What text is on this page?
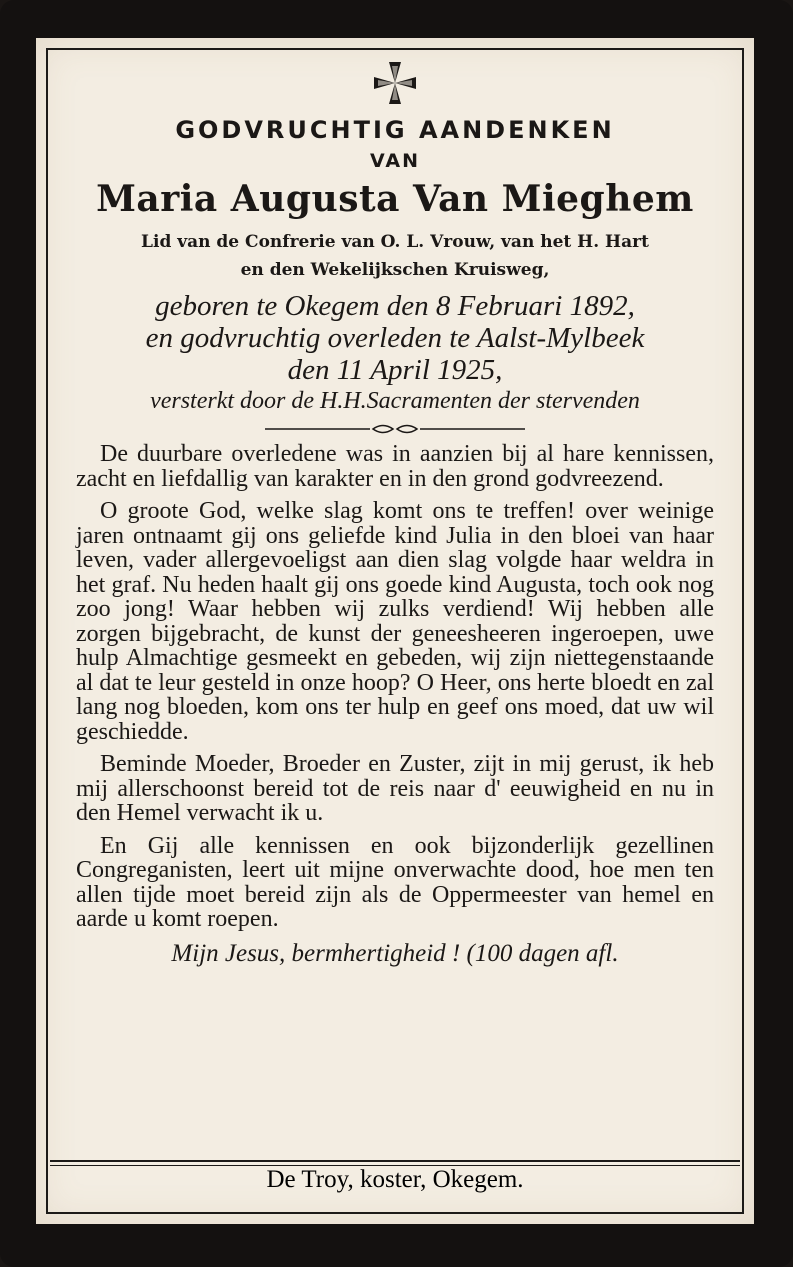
GODVRUCHTIG AANDENKEN
VAN
Maria Augusta Van Mieghem
Lid van de Confrerie van O. L. Vrouw, van het H. Hart
en den Wekelijkschen Kruisweg,
geboren te Okegem den 8 Februari 1892,
en godvruchtig overleden te Aalst-Mylbeek
den 11 April 1925,
versterkt door de H.H.Sacramenten der stervenden

De duurbare overledene was in aanzien bij al hare kennissen, zacht en liefdallig van karakter en in den grond godvreezend.

O groote God, welke slag komt ons te treffen! over weinige jaren ontnaamt gij ons geliefde kind Julia in den bloei van haar leven, vader allergevoeligst aan dien slag volgde haar weldra in het graf. Nu heden haalt gij ons goede kind Augusta, toch ook nog zoo jong! Waar hebben wij zulks verdiend! Wij hebben alle zorgen bijgebracht, de kunst der geneesheeren ingeroepen, uwe hulp Almachtige gesmeekt en gebeden, wij zijn niettegenstaande al dat te leur gesteld in onze hoop? O Heer, ons herte bloedt en zal lang nog bloeden, kom ons ter hulp en geef ons moed, dat uw wil geschiedde.

Beminde Moeder, Broeder en Zuster, zijt in mij gerust, ik heb mij allerschoonst bereid tot de reis naar d' eeuwigheid en nu in den Hemel verwacht ik u.

En Gij alle kennissen en ook bijzonderlijk gezellinen Congreganisten, leert uit mijne onverwachte dood, hoe men ten allen tijde moet bereid zijn als de Oppermeester van hemel en aarde u komt roepen.

Mijn Jesus, bermhertigheid ! (100 dagen afl.
De Troy, koster, Okegem.
